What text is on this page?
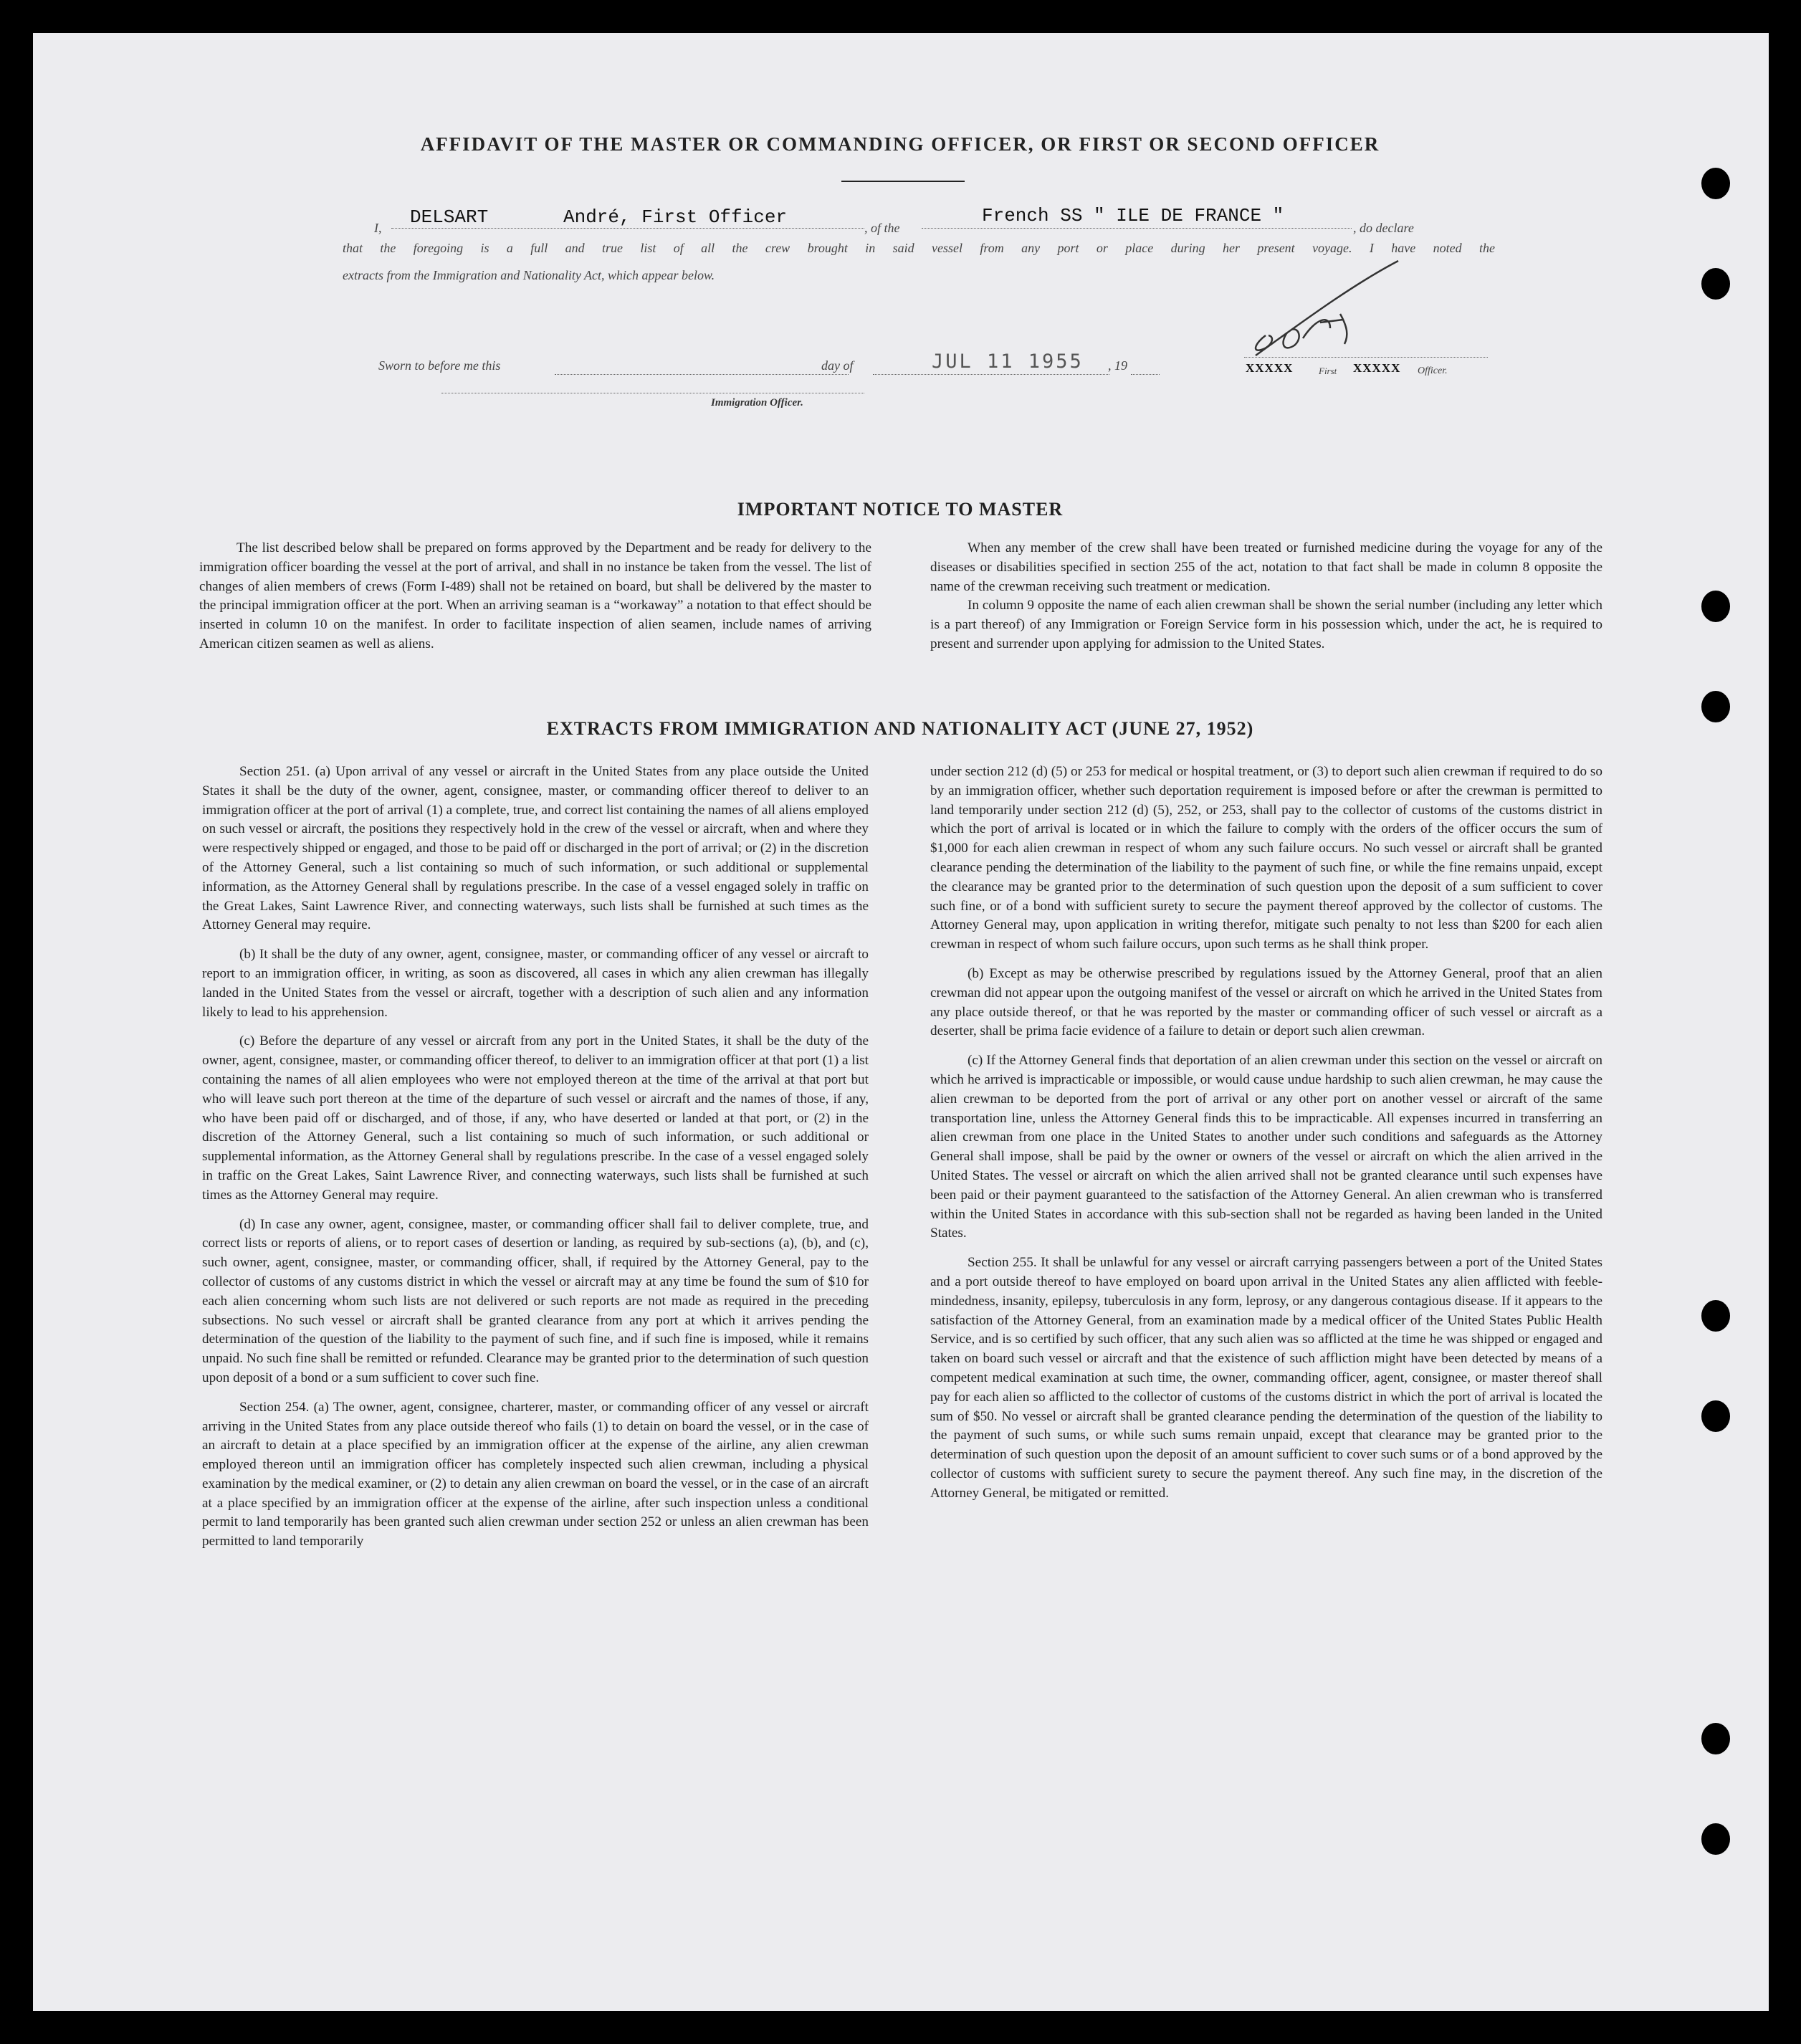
AFFIDAVIT OF THE MASTER OR COMMANDING OFFICER, OR FIRST OR SECOND OFFICER
I, DELSART	André, First Officer	, of the
French SS " ILE DE FRANCE "
, do declare
that the foregoing is a full and true list of all the crew brought in said vessel from any port or place during her present voyage. I have noted the
extracts from the Immigration and Nationality Act, which appear below.
XXXXX	First XXXXX Officer.
Sworn to before me this	day of	JUL 11 1955 , 19
Immigration Officer.
IMPORTANT NOTICE TO MASTER

The list described below shall be prepared on forms approved by the Department and be ready for delivery to the immigration officer boarding the vessel at the port of arrival, and shall in no instance be taken from the vessel. The list of changes of alien members of crews (Form I-489) shall not be retained on board, but shall be delivered by the master to the principal immigration officer at the port. When an arriving seaman is a “workaway” a notation to that effect should be inserted in column 10 on the manifest. In order to facilitate inspection of alien seamen, include names of arriving American citizen seamen as well as aliens.

When any member of the crew shall have been treated or furnished medicine during the voyage for any of the diseases or disabilities specified in section 255 of the act, notation to that fact shall be made in column 8 opposite the name of the crewman receiving such treatment or medication.

In column 9 opposite the name of each alien crewman shall be shown the serial number (including any letter which is a part thereof) of any Immigration or Foreign Service form in his possession which, under the act, he is required to present and surrender upon applying for admission to the United States.

EXTRACTS FROM IMMIGRATION AND NATIONALITY ACT (JUNE 27, 1952)

Section 251. (a) Upon arrival of any vessel or aircraft in the United States from any place outside the United States it shall be the duty of the owner, agent, consignee, master, or commanding officer thereof to deliver to an immigration officer at the port of arrival (1) a complete, true, and correct list containing the names of all aliens employed on such vessel or aircraft, the positions they respectively hold in the crew of the vessel or aircraft, when and where they were respectively shipped or engaged, and those to be paid off or discharged in the port of arrival; or (2) in the discretion of the Attorney General, such a list containing so much of such information, or such additional or supplemental information, as the Attorney General shall by regulations prescribe. In the case of a vessel engaged solely in traffic on the Great Lakes, Saint Lawrence River, and connecting waterways, such lists shall be furnished at such times as the Attorney General may require.

(b) It shall be the duty of any owner, agent, consignee, master, or commanding officer of any vessel or aircraft to report to an immigration officer, in writing, as soon as discovered, all cases in which any alien crewman has illegally landed in the United States from the vessel or aircraft, together with a description of such alien and any information likely to lead to his apprehension.

(c) Before the departure of any vessel or aircraft from any port in the United States, it shall be the duty of the owner, agent, consignee, master, or commanding officer thereof, to deliver to an immigration officer at that port (1) a list containing the names of all alien employees who were not employed thereon at the time of the arrival at that port but who will leave such port thereon at the time of the departure of such vessel or aircraft and the names of those, if any, who have been paid off or discharged, and of those, if any, who have deserted or landed at that port, or (2) in the discretion of the Attorney General, such a list containing so much of such information, or such additional or supplemental information, as the Attorney General shall by regulations prescribe. In the case of a vessel engaged solely in traffic on the Great Lakes, Saint Lawrence River, and connecting waterways, such lists shall be furnished at such times as the Attorney General may require.

(d) In case any owner, agent, consignee, master, or commanding officer shall fail to deliver complete, true, and correct lists or reports of aliens, or to report cases of desertion or landing, as required by sub-sections (a), (b), and (c), such owner, agent, consignee, master, or commanding officer, shall, if required by the Attorney General, pay to the collector of customs of any customs district in which the vessel or aircraft may at any time be found the sum of $10 for each alien concerning whom such lists are not delivered or such reports are not made as required in the preceding subsections. No such vessel or aircraft shall be granted clearance from any port at which it arrives pending the determination of the question of the liability to the payment of such fine, and if such fine is imposed, while it remains unpaid. No such fine shall be remitted or refunded. Clearance may be granted prior to the determination of such question upon deposit of a bond or a sum sufficient to cover such fine.

Section 254. (a) The owner, agent, consignee, charterer, master, or commanding officer of any vessel or aircraft arriving in the United States from any place outside thereof who fails (1) to detain on board the vessel, or in the case of an aircraft to detain at a place specified by an immigration officer at the expense of the airline, any alien crewman employed thereon until an immigration officer has completely inspected such alien crewman, including a physical examination by the medical examiner, or (2) to detain any alien crewman on board the vessel, or in the case of an aircraft at a place specified by an immigration officer at the expense of the airline, after such inspection unless a conditional permit to land temporarily has been granted such alien crewman under section 252 or unless an alien crewman has been permitted to land temporarily

under section 212 (d) (5) or 253 for medical or hospital treatment, or (3) to deport such alien crewman if required to do so by an immigration officer, whether such deportation requirement is imposed before or after the crewman is permitted to land temporarily under section 212 (d) (5), 252, or 253, shall pay to the collector of customs of the customs district in which the port of arrival is located or in which the failure to comply with the orders of the officer occurs the sum of $1,000 for each alien crewman in respect of whom any such failure occurs. No such vessel or aircraft shall be granted clearance pending the determination of the liability to the payment of such fine, or while the fine remains unpaid, except the clearance may be granted prior to the determination of such question upon the deposit of a sum sufficient to cover such fine, or of a bond with sufficient surety to secure the payment thereof approved by the collector of customs. The Attorney General may, upon application in writing therefor, mitigate such penalty to not less than $200 for each alien crewman in respect of whom such failure occurs, upon such terms as he shall think proper.

(b) Except as may be otherwise prescribed by regulations issued by the Attorney General, proof that an alien crewman did not appear upon the outgoing manifest of the vessel or aircraft on which he arrived in the United States from any place outside thereof, or that he was reported by the master or commanding officer of such vessel or aircraft as a deserter, shall be prima facie evidence of a failure to detain or deport such alien crewman.

(c) If the Attorney General finds that deportation of an alien crewman under this section on the vessel or aircraft on which he arrived is impracticable or impossible, or would cause undue hardship to such alien crewman, he may cause the alien crewman to be deported from the port of arrival or any other port on another vessel or aircraft of the same transportation line, unless the Attorney General finds this to be impracticable. All expenses incurred in transferring an alien crewman from one place in the United States to another under such conditions and safeguards as the Attorney General shall impose, shall be paid by the owner or owners of the vessel or aircraft on which the alien arrived in the United States. The vessel or aircraft on which the alien arrived shall not be granted clearance until such expenses have been paid or their payment guaranteed to the satisfaction of the Attorney General. An alien crewman who is transferred within the United States in accordance with this sub-section shall not be regarded as having been landed in the United States.

Section 255. It shall be unlawful for any vessel or aircraft carrying passengers between a port of the United States and a port outside thereof to have employed on board upon arrival in the United States any alien afflicted with feeble-mindedness, insanity, epilepsy, tuberculosis in any form, leprosy, or any dangerous contagious disease. If it appears to the satisfaction of the Attorney General, from an examination made by a medical officer of the United States Public Health Service, and is so certified by such officer, that any such alien was so afflicted at the time he was shipped or engaged and taken on board such vessel or aircraft and that the existence of such affliction might have been detected by means of a competent medical examination at such time, the owner, commanding officer, agent, consignee, or master thereof shall pay for each alien so afflicted to the collector of customs of the customs district in which the port of arrival is located the sum of $50. No vessel or aircraft shall be granted clearance pending the determination of the question of the liability to the payment of such sums, or while such sums remain unpaid, except that clearance may be granted prior to the determination of such question upon the deposit of an amount sufficient to cover such sums or of a bond approved by the collector of customs with sufficient surety to secure the payment thereof. Any such fine may, in the discretion of the Attorney General, be mitigated or remitted.
